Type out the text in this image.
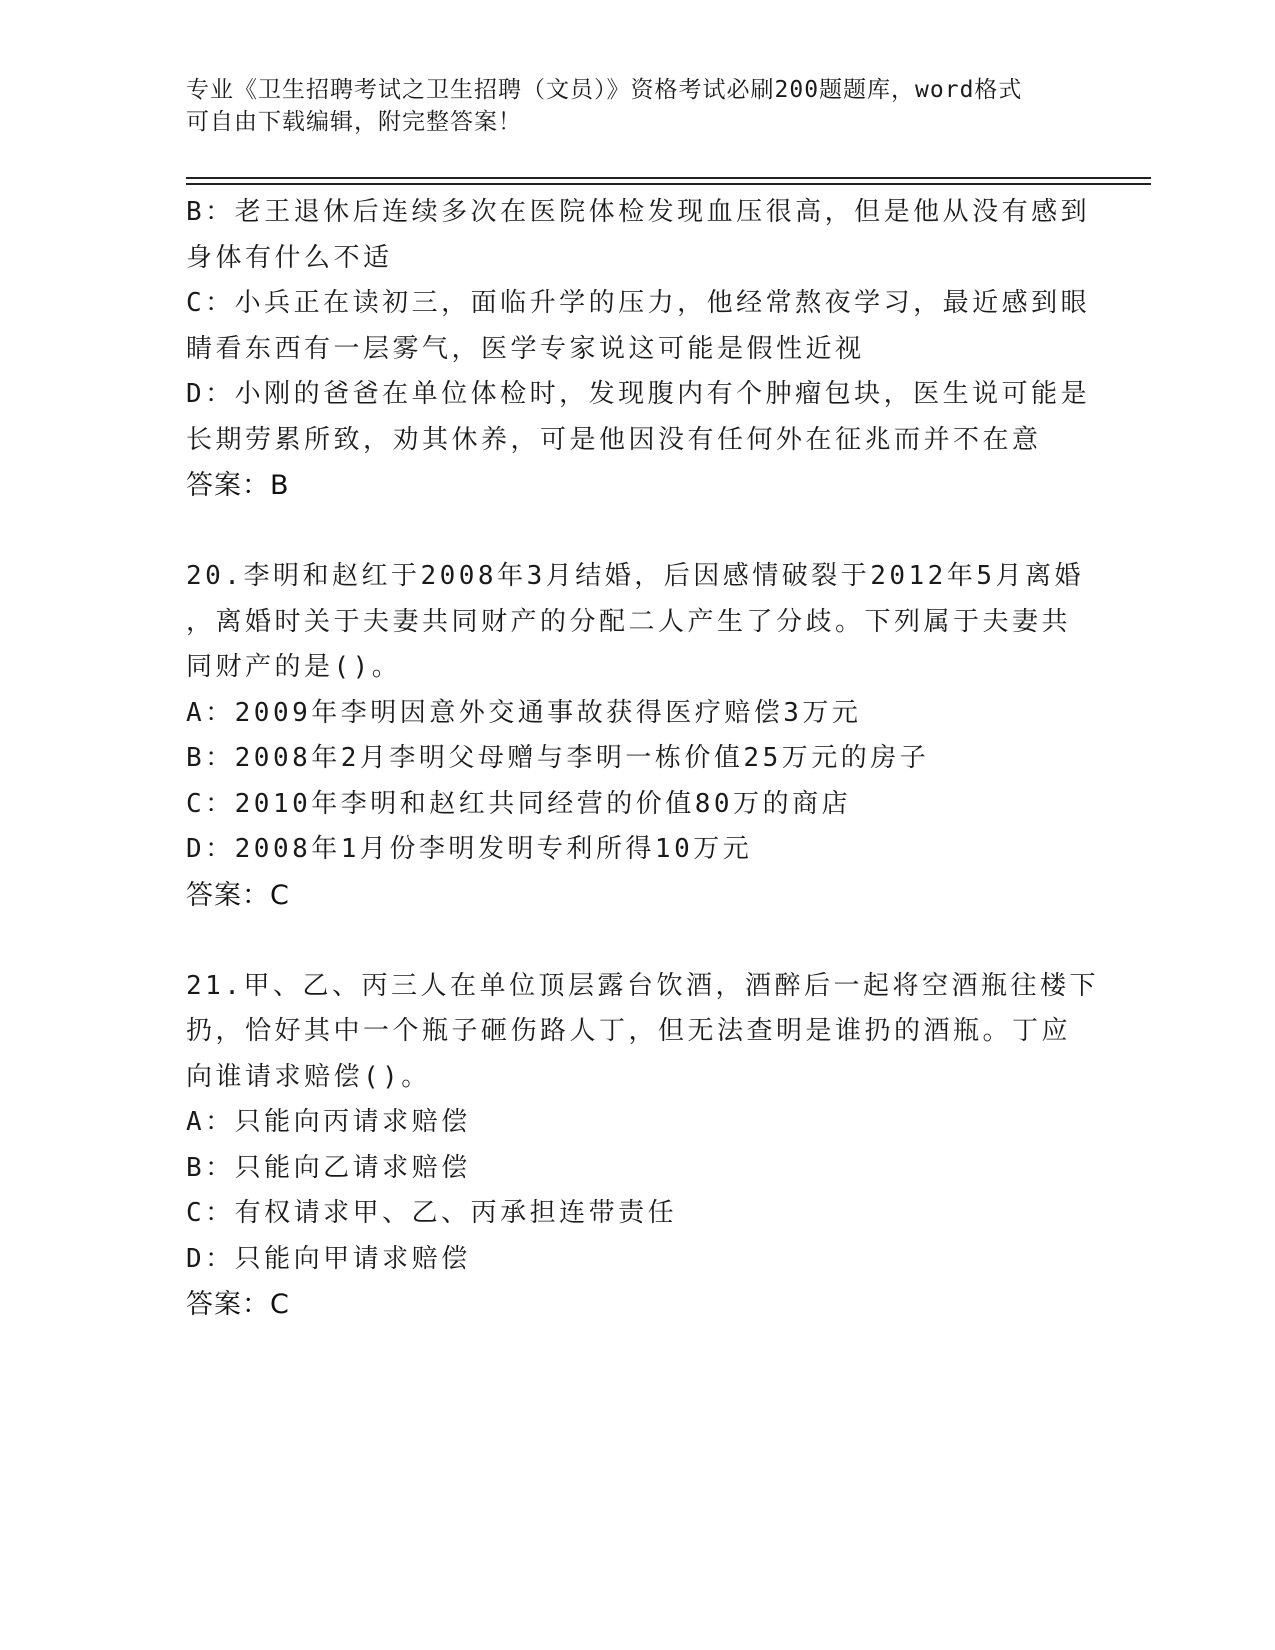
专业《卫生招聘考试之卫生招聘（文员）》资格考试必刷200题题库，word格式
可自由下载编辑，附完整答案！
B：老王退休后连续多次在医院体检发现血压很高，但是他从没有感到
身体有什么不适
C：小兵正在读初三，面临升学的压力，他经常熬夜学习，最近感到眼
睛看东西有一层雾气，医学专家说这可能是假性近视
D：小刚的爸爸在单位体检时，发现腹内有个肿瘤包块，医生说可能是
长期劳累所致，劝其休养，可是他因没有任何外在征兆而并不在意
答案：B
20.李明和赵红于2008年3月结婚，后因感情破裂于2012年5月离婚
，离婚时关于夫妻共同财产的分配二人产生了分歧。下列属于夫妻共
同财产的是()。
A：2009年李明因意外交通事故获得医疗赔偿3万元
B：2008年2月李明父母赠与李明一栋价值25万元的房子
C：2010年李明和赵红共同经营的价值80万的商店
D：2008年1月份李明发明专利所得10万元
答案：C
21.甲、乙、丙三人在单位顶层露台饮酒，酒醉后一起将空酒瓶往楼下
扔，恰好其中一个瓶子砸伤路人丁，但无法查明是谁扔的酒瓶。丁应
向谁请求赔偿()。
A：只能向丙请求赔偿
B：只能向乙请求赔偿
C：有权请求甲、乙、丙承担连带责任
D：只能向甲请求赔偿
答案：C
